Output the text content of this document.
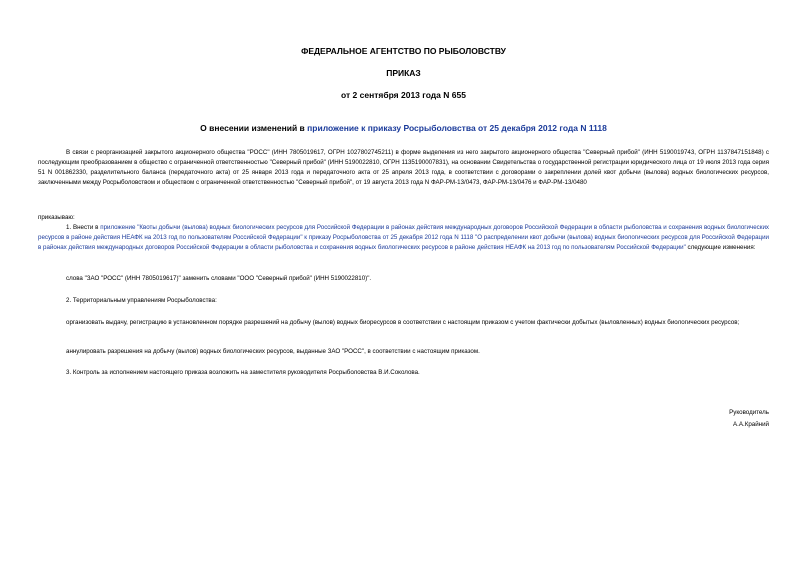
ФЕДЕРАЛЬНОЕ АГЕНТСТВО ПО РЫБОЛОВСТВУ
ПРИКАЗ
от 2 сентября 2013 года N 655
О внесении изменений в приложение к приказу Росрыболовства от 25 декабря 2012 года N 1118
В связи с реорганизацией закрытого акционерного общества "РОСС" (ИНН 7805019617, ОГРН 1027802745211) в форме выделения из него закрытого акционерного общества "Северный прибой" (ИНН 5190019743, ОГРН 1137847151848) с последующим преобразованием в общество с ограниченной ответственностью "Северный прибой" (ИНН 5190022810, ОГРН 1135190007831), на основании Свидетельства о государственной регистрации юридического лица от 19 июля 2013 года серия 51 N 001862330, разделительного баланса (передаточного акта) от 25 января 2013 года и передаточного акта от 25 апреля 2013 года, в соответствии с договорами о закреплении долей квот добычи (вылова) водных биологических ресурсов, заключенными между Росрыболовством и обществом с ограниченной ответственностью "Северный прибой", от 19 августа 2013 года N ФАР-РМ-13/0473, ФАР-РМ-13/0476 и ФАР-РМ-13/0480
приказываю:
1. Внести в приложение "Квоты добычи (вылова) водных биологических ресурсов для Российской Федерации в районах действия международных договоров Российской Федерации в области рыболовства и сохранения водных биологических ресурсов в районе действия НЕАФК на 2013 год по пользователям Российской Федерации" к приказу Росрыболовства от 25 декабря 2012 года N 1118 "О распределении квот добычи (вылова) водных биологических ресурсов для Российской Федерации в районах действия международных договоров Российской Федерации в области рыболовства и сохранения водных биологических ресурсов в районе действия НЕАФК на 2013 год по пользователям Российской Федерации" следующие изменения:
слова "ЗАО "РОСС" (ИНН 7805019617)" заменить словами "ООО "Северный прибой" (ИНН 5190022810)".
2. Территориальным управлениям Росрыболовства:
организовать выдачу, регистрацию в установленном порядке разрешений на добычу (вылов) водных биоресурсов в соответствии с настоящим приказом с учетом фактически добытых (выловленных) водных биологических ресурсов;
аннулировать разрешения на добычу (вылов) водных биологических ресурсов, выданные ЗАО "РОСС", в соответствии с настоящим приказом.
3. Контроль за исполнением настоящего приказа возложить на заместителя руководителя Росрыболовства В.И.Соколова.
Руководитель
А.А.Крайний
